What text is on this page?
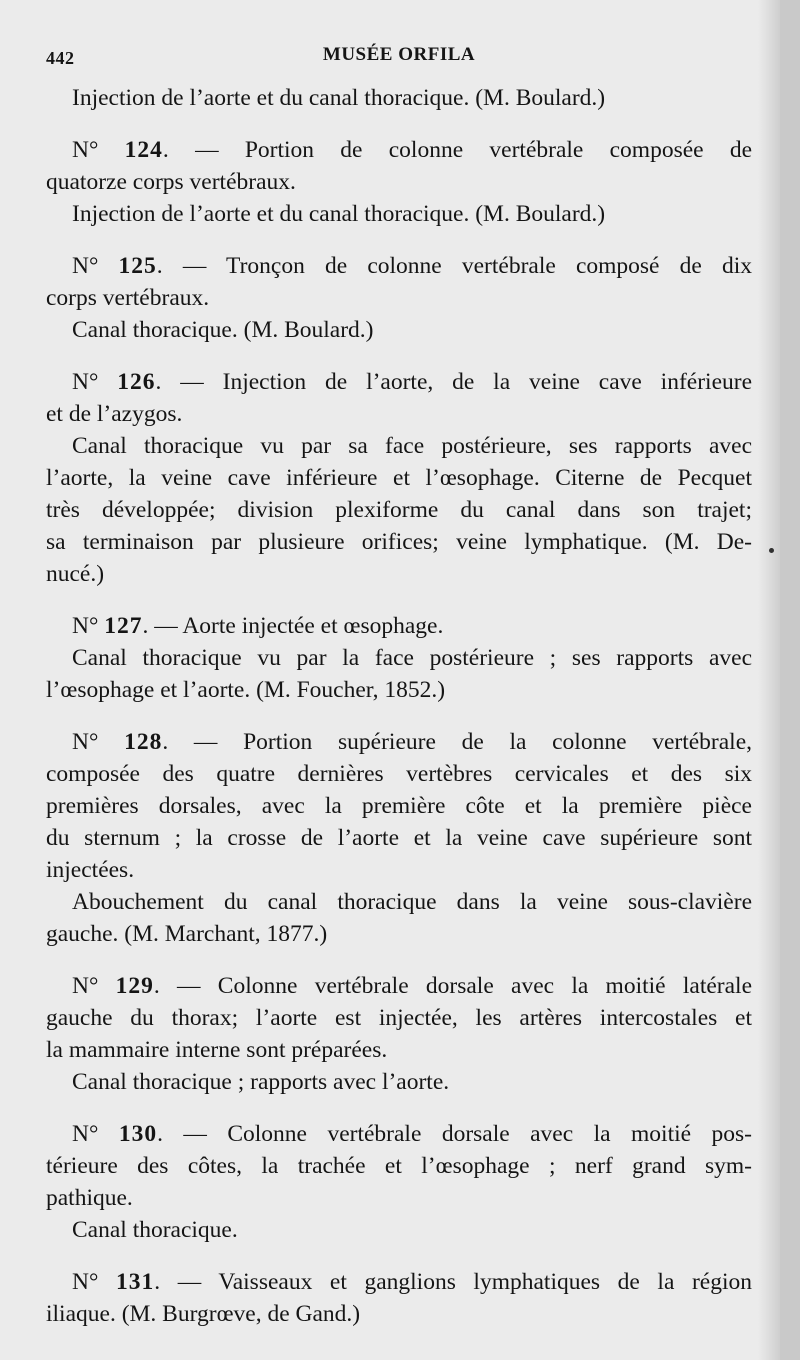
442	MUSÉE ORFILA
Injection de l’aorte et du canal thoracique. (M. Boulard.)
N° 124. — Portion de colonne vertébrale composée de
quatorze corps vertébraux.
Injection de l’aorte et du canal thoracique. (M. Boulard.)
N° 125. — Tronçon de colonne vertébrale composé de dix
corps vertébraux.
Canal thoracique. (M. Boulard.)
N° 126. — Injection de l’aorte, de la veine cave inférieure
et de l’azygos.
Canal thoracique vu par sa face postérieure, ses rapports avec
l’aorte, la veine cave inférieure et l’œsophage. Citerne de Pecquet
très développée; division plexiforme du canal dans son trajet;
sa terminaison par plusieure orifices; veine lymphatique. (M. De-
nucé.)
N° 127. — Aorte injectée et œsophage.
Canal thoracique vu par la face postérieure ; ses rapports avec
l’œsophage et l’aorte. (M. Foucher, 1852.)
N° 128. — Portion supérieure de la colonne vertébrale,
composée des quatre dernières vertèbres cervicales et des six
premières dorsales, avec la première côte et la première pièce
du sternum ; la crosse de l’aorte et la veine cave supérieure sont
injectées.
Abouchement du canal thoracique dans la veine sous-clavière
gauche. (M. Marchant, 1877.)
N° 129. — Colonne vertébrale dorsale avec la moitié latérale
gauche du thorax; l’aorte est injectée, les artères intercostales et
la mammaire interne sont préparées.
Canal thoracique ; rapports avec l’aorte.
N° 130. — Colonne vertébrale dorsale avec la moitié pos-
térieure des côtes, la trachée et l’œsophage ; nerf grand sym-
pathique.
Canal thoracique.
N° 131. — Vaisseaux et ganglions lymphatiques de la région
iliaque. (M. Burgrœve, de Gand.)
